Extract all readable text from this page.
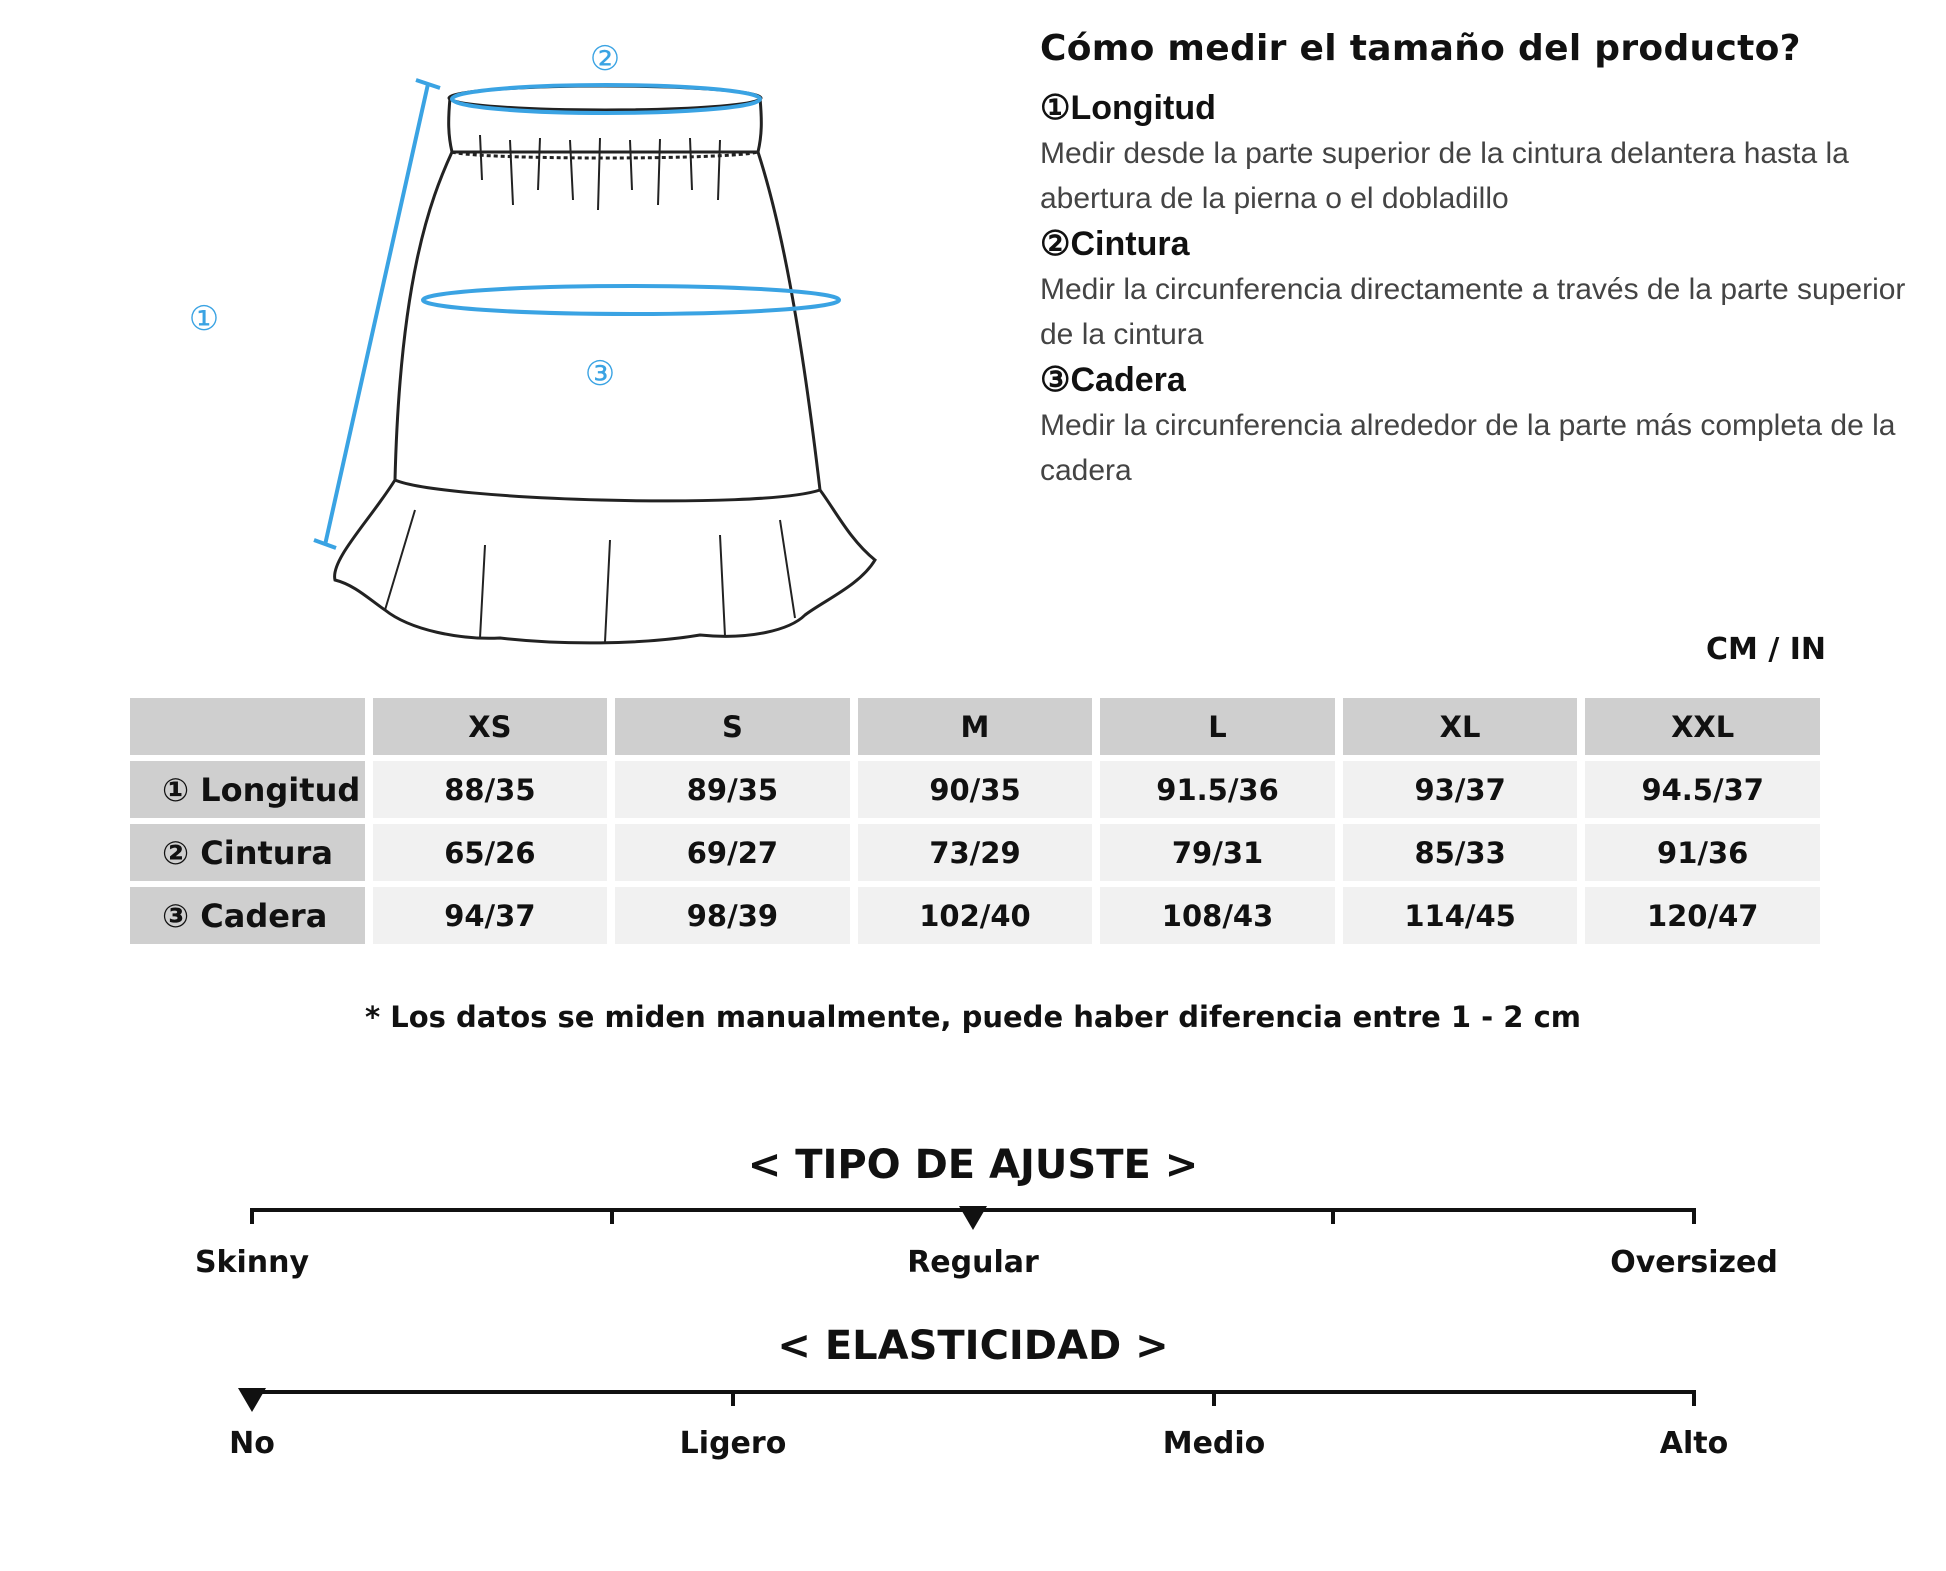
②
①
③
Cómo medir el tamaño del producto?

①Longitud

Medir desde la parte superior de la cintura delantera hasta la abertura de la pierna o el dobladillo

②Cintura

Medir la circunferencia directamente a través de la parte superior de la cintura

③Cadera

Medir la circunferencia alrededor de la parte más completa de la cadera

CM / IN
	XS	S	M	L	XL	XXL
① Longitud	88/35	89/35	90/35	91.5/36	93/37	94.5/37
② Cintura	65/26	69/27	73/29	79/31	85/33	91/36
③ Cadera	94/37	98/39	102/40	108/43	114/45	120/47
* Los datos se miden manualmente, puede haber diferencia entre 1 - 2 cm
< TIPO DE AJUSTE >
Skinny	Regular	Oversized
< ELASTICIDAD >
No	Ligero	Medio	Alto
